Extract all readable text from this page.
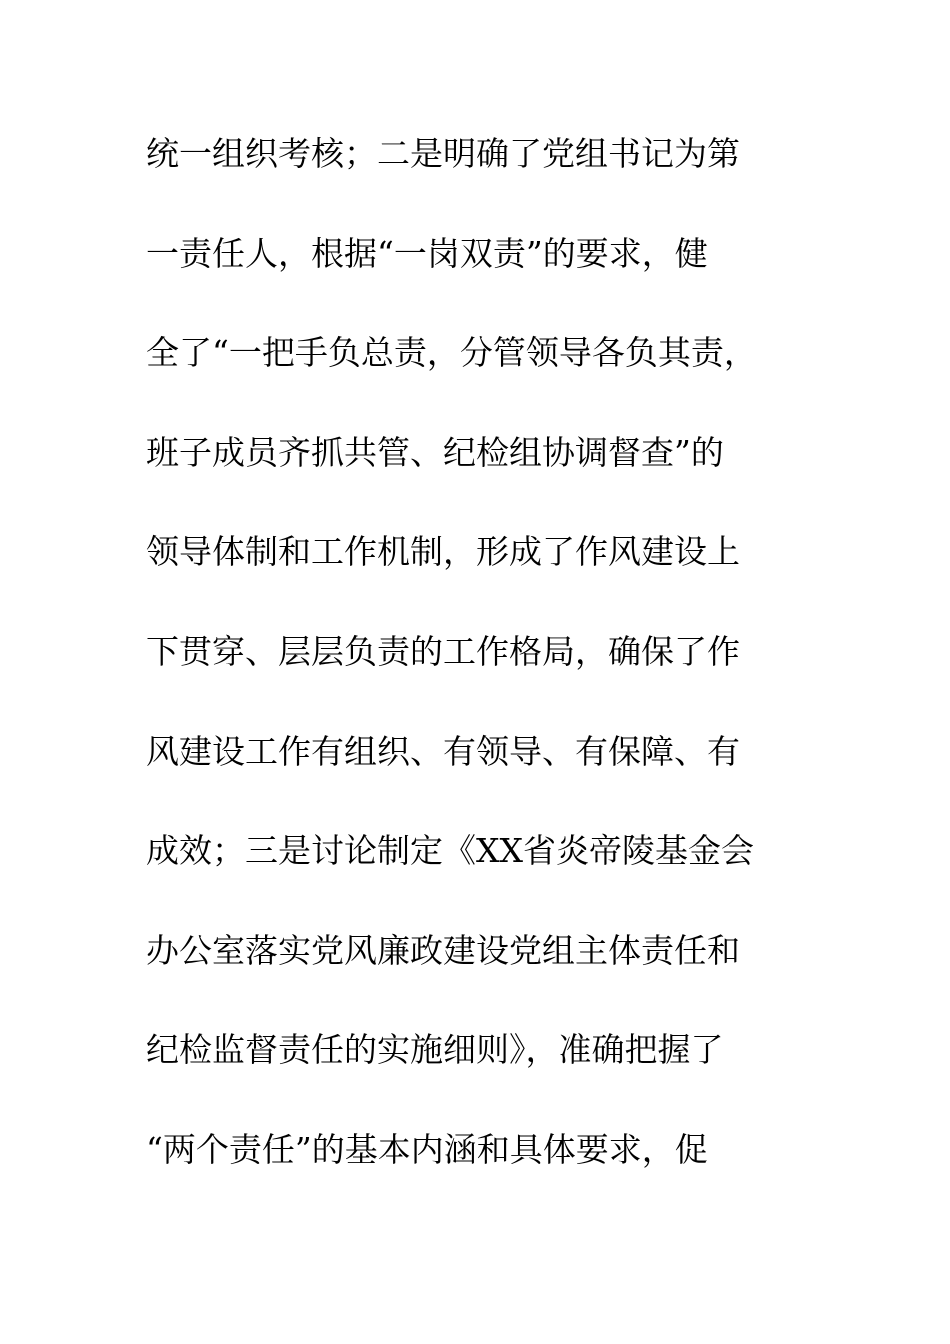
统一组织考核；二是明确了党组书记为第
一责任人，根据“一岗双责”的要求，健
全了“一把手负总责，分管领导各负其责，
班子成员齐抓共管、纪检组协调督查”的
领导体制和工作机制，形成了作风建设上
下贯穿、层层负责的工作格局，确保了作
风建设工作有组织、有领导、有保障、有
成效；三是讨论制定《XX省炎帝陵基金会
办公室落实党风廉政建设党组主体责任和
纪检监督责任的实施细则》，准确把握了
“两个责任”的基本内涵和具体要求，促
